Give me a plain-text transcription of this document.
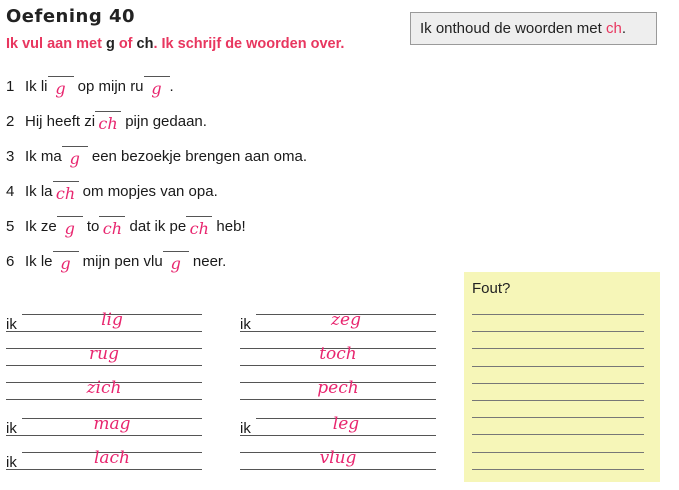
Oefening 40
Ik vul aan met g of ch. Ik schrijf de woorden over.
Ik onthoud de woorden met ch.
1 Ik li g op mijn ru g .
2 Hij heeft zi ch pijn gedaan.
3 Ik ma g een bezoekje brengen aan oma.
4 Ik la ch om mopjes van opa.
5 Ik ze g to ch dat ik pe ch heb!
6 Ik le g mijn pen vlu g neer.
ik	lig
rug
zich
ik	mag
ik	lach
ik	zeg
toch
pech
ik	leg
vlug
Fout?
